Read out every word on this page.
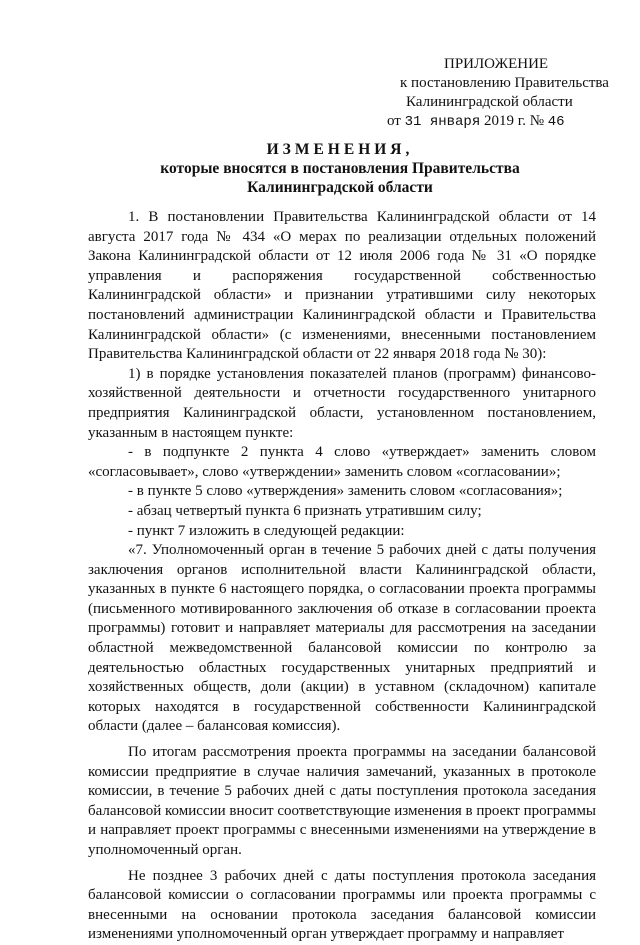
ПРИЛОЖЕНИЕ
к постановлению Правительства
Калининградской области
от 31 января 2019 г. № 46
ИЗМЕНЕНИЯ,
которые вносятся в постановления Правительства
Калининградской области

1. В постановлении Правительства Калининградской области от 14 августа 2017 года № 434 «О мерах по реализации отдельных положений Закона Калининградской области от 12 июля 2006 года № 31 «О порядке управления и распоряжения государственной собственностью Калининградской области» и признании утратившими силу некоторых постановлений администрации Калининградской области и Правительства Калининградской области» (с изменениями, внесенными постановлением Правительства Калининградской области от 22 января 2018 года № 30):

1) в порядке установления показателей планов (программ) финансово-хозяйственной деятельности и отчетности государственного унитарного предприятия Калининградской области, установленном постановлением, указанным в настоящем пункте:

- в подпункте 2 пункта 4 слово «утверждает» заменить словом «согласовывает», слово «утверждении» заменить словом «согласовании»;

- в пункте 5 слово «утверждения» заменить словом «согласования»;

- абзац четвертый пункта 6 признать утратившим силу;

- пункт 7 изложить в следующей редакции:

«7. Уполномоченный орган в течение 5 рабочих дней с даты получения заключения органов исполнительной власти Калининградской области, указанных в пункте 6 настоящего порядка, о согласовании проекта программы (письменного мотивированного заключения об отказе в согласовании проекта программы) готовит и направляет материалы для рассмотрения на заседании областной межведомственной балансовой комиссии по контролю за деятельностью областных государственных унитарных предприятий и хозяйственных обществ, доли (акции) в уставном (складочном) капитале которых находятся в государственной собственности Калининградской области (далее – балансовая комиссия).

По итогам рассмотрения проекта программы на заседании балансовой комиссии предприятие в случае наличия замечаний, указанных в протоколе комиссии, в течение 5 рабочих дней с даты поступления протокола заседания балансовой комиссии вносит соответствующие изменения в проект программы и направляет проект программы с внесенными изменениями на утверждение в уполномоченный орган.

Не позднее 3 рабочих дней с даты поступления протокола заседания балансовой комиссии о согласовании программы или проекта программы с внесенными на основании протокола заседания балансовой комиссии изменениями уполномоченный орган утверждает программу и направляет
